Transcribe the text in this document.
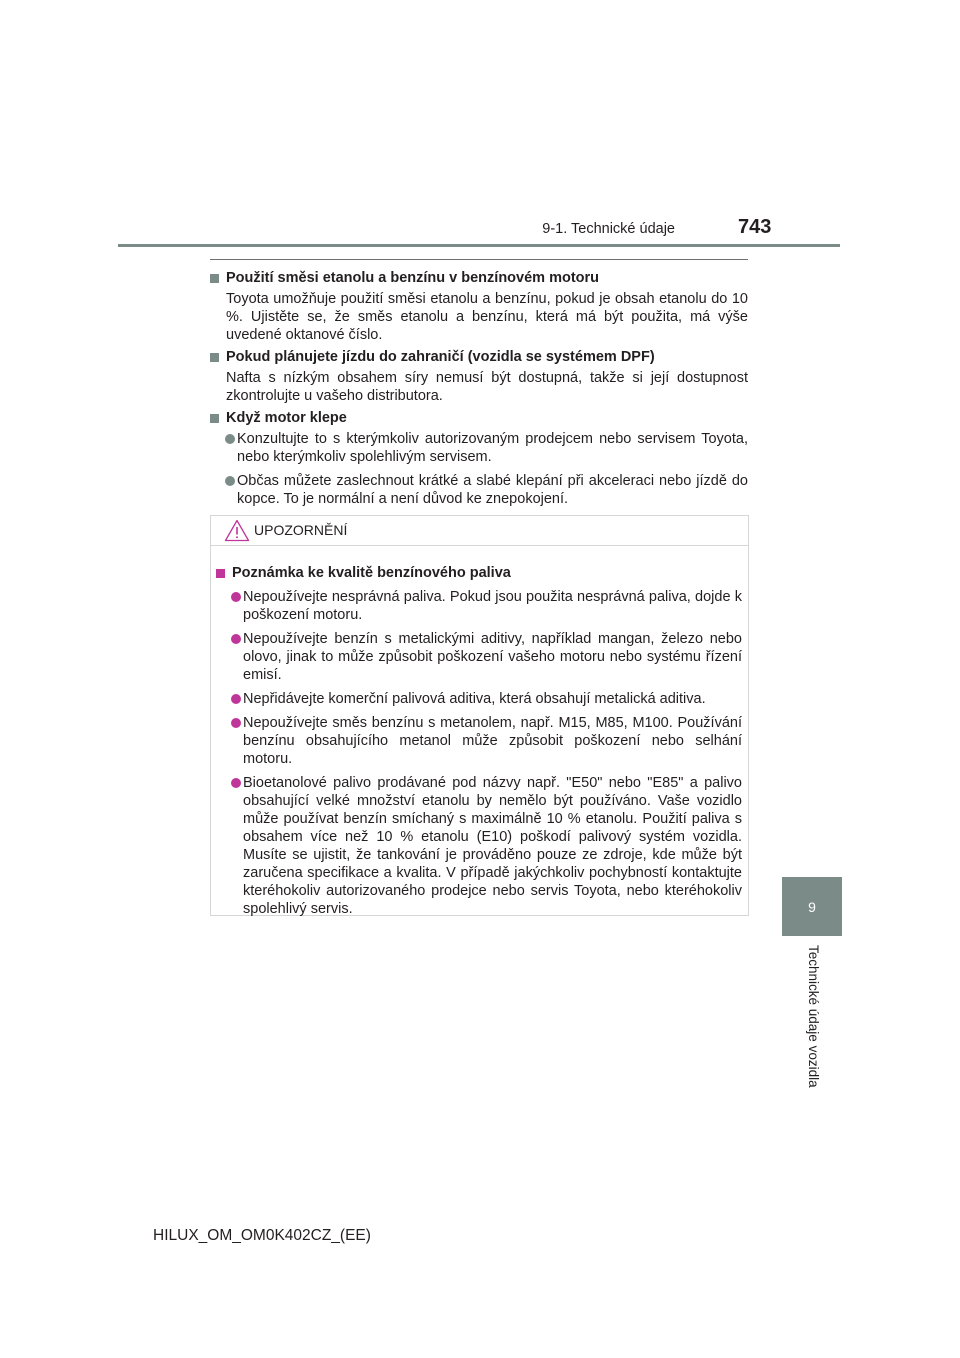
9-1. Technické údaje	743
9
Technické údaje vozidla
Použití směsi etanolu a benzínu v benzínovém motoru
Toyota umožňuje použití směsi etanolu a benzínu, pokud je obsah etanolu do 10 %. Ujistěte se, že směs etanolu a benzínu, která má být použita, má výše uvedené oktanové číslo.
Pokud plánujete jízdu do zahraničí (vozidla se systémem DPF)
Nafta s nízkým obsahem síry nemusí být dostupná, takže si její dostupnost zkontrolujte u vašeho distributora.
Když motor klepe
Konzultujte to s kterýmkoliv autorizovaným prodejcem nebo servisem Toyota, nebo kterýmkoliv spolehlivým servisem.
Občas můžete zaslechnout krátké a slabé klepání při akceleraci nebo jízdě do kopce. To je normální a není důvod ke znepokojení.
UPOZORNĚNÍ
Poznámka ke kvalitě benzínového paliva
Nepoužívejte nesprávná paliva. Pokud jsou použita nesprávná paliva, dojde k poškození motoru.
Nepoužívejte benzín s metalickými aditivy, například mangan, železo nebo olovo, jinak to může způsobit poškození vašeho motoru nebo systému řízení emisí.
Nepřidávejte komerční palivová aditiva, která obsahují metalická aditiva.
Nepoužívejte směs benzínu s metanolem, např. M15, M85, M100. Používání benzínu obsahujícího metanol může způsobit poškození nebo selhání motoru.
Bioetanolové palivo prodávané pod názvy např. "E50" nebo "E85" a palivo obsahující velké množství etanolu by nemělo být používáno. Vaše vozidlo může používat benzín smíchaný s maximálně 10 % etanolu. Použití paliva s obsahem více než 10 % etanolu (E10) poškodí palivový systém vozidla. Musíte se ujistit, že tankování je prováděno pouze ze zdroje, kde může být zaručena specifikace a kvalita. V případě jakýchkoliv pochybností kontaktujte kteréhokoliv autorizovaného prodejce nebo servis Toyota, nebo kteréhokoliv spolehlivý servis.
HILUX_OM_OM0K402CZ_(EE)
